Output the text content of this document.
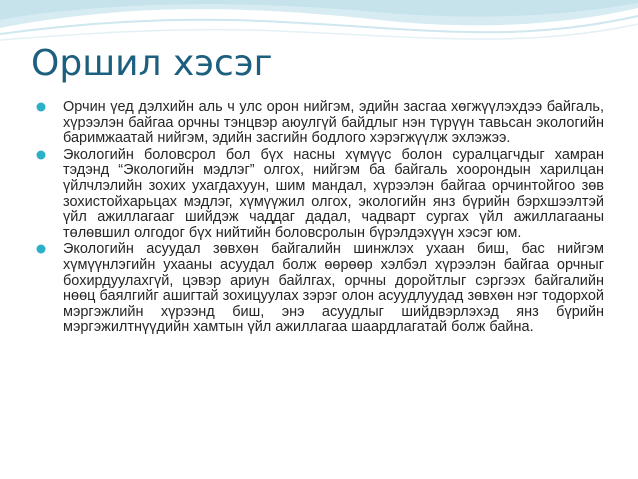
Оршил хэсэг
Орчин үед дэлхийн аль ч улс орон нийгэм, эдийн засгаа хөгжүүлэхдээ байгаль, хүрээлэн байгаа орчны тэнцвэр аюулгүй байдлыг нэн түрүүн тавьсан экологийн баримжаатай нийгэм, эдийн засгийн бодлого хэрэгжүүлж эхлэжээ.
Экологийн боловсрол бол бүх насны хүмүүс болон суралцагчдыг хамран тэдэнд “Экологийн мэдлэг” олгох, нийгэм ба байгаль хоорондын харилцан үйлчлэлийн зохих ухагдахуун, шим мандал, хүрээлэн байгаа орчинтойгоо зөв зохистойхарьцах мэдлэг, хүмүүжил олгох, экологийн янз бүрийн бэрхшээлтэй үйл ажиллагааг шийдэж чаддаг дадал, чадварт сургах үйл ажиллагааны төлөвшил олгодог бүх нийтийн боловсролын бүрэлдэхүүн хэсэг юм.
Экологийн асуудал зөвхөн байгалийн шинжлэх ухаан биш, бас нийгэм хүмүүнлэгийн ухааны асуудал болж өөрөөр хэлбэл хүрээлэн байгаа орчныг бохирдуулахгүй, цэвэр ариун байлгах, орчны доройтлыг сэргээх байгалийн нөөц баялгийг ашигтай зохицуулах зэрэг олон асуудлуудад зөвхөн нэг тодорхой мэргэжлийн хүрээнд биш, энэ асуудлыг шийдвэрлэхэд янз бүрийн мэргэжилтнүүдийн хамтын үйл ажиллагаа шаардлагатай болж байна.
